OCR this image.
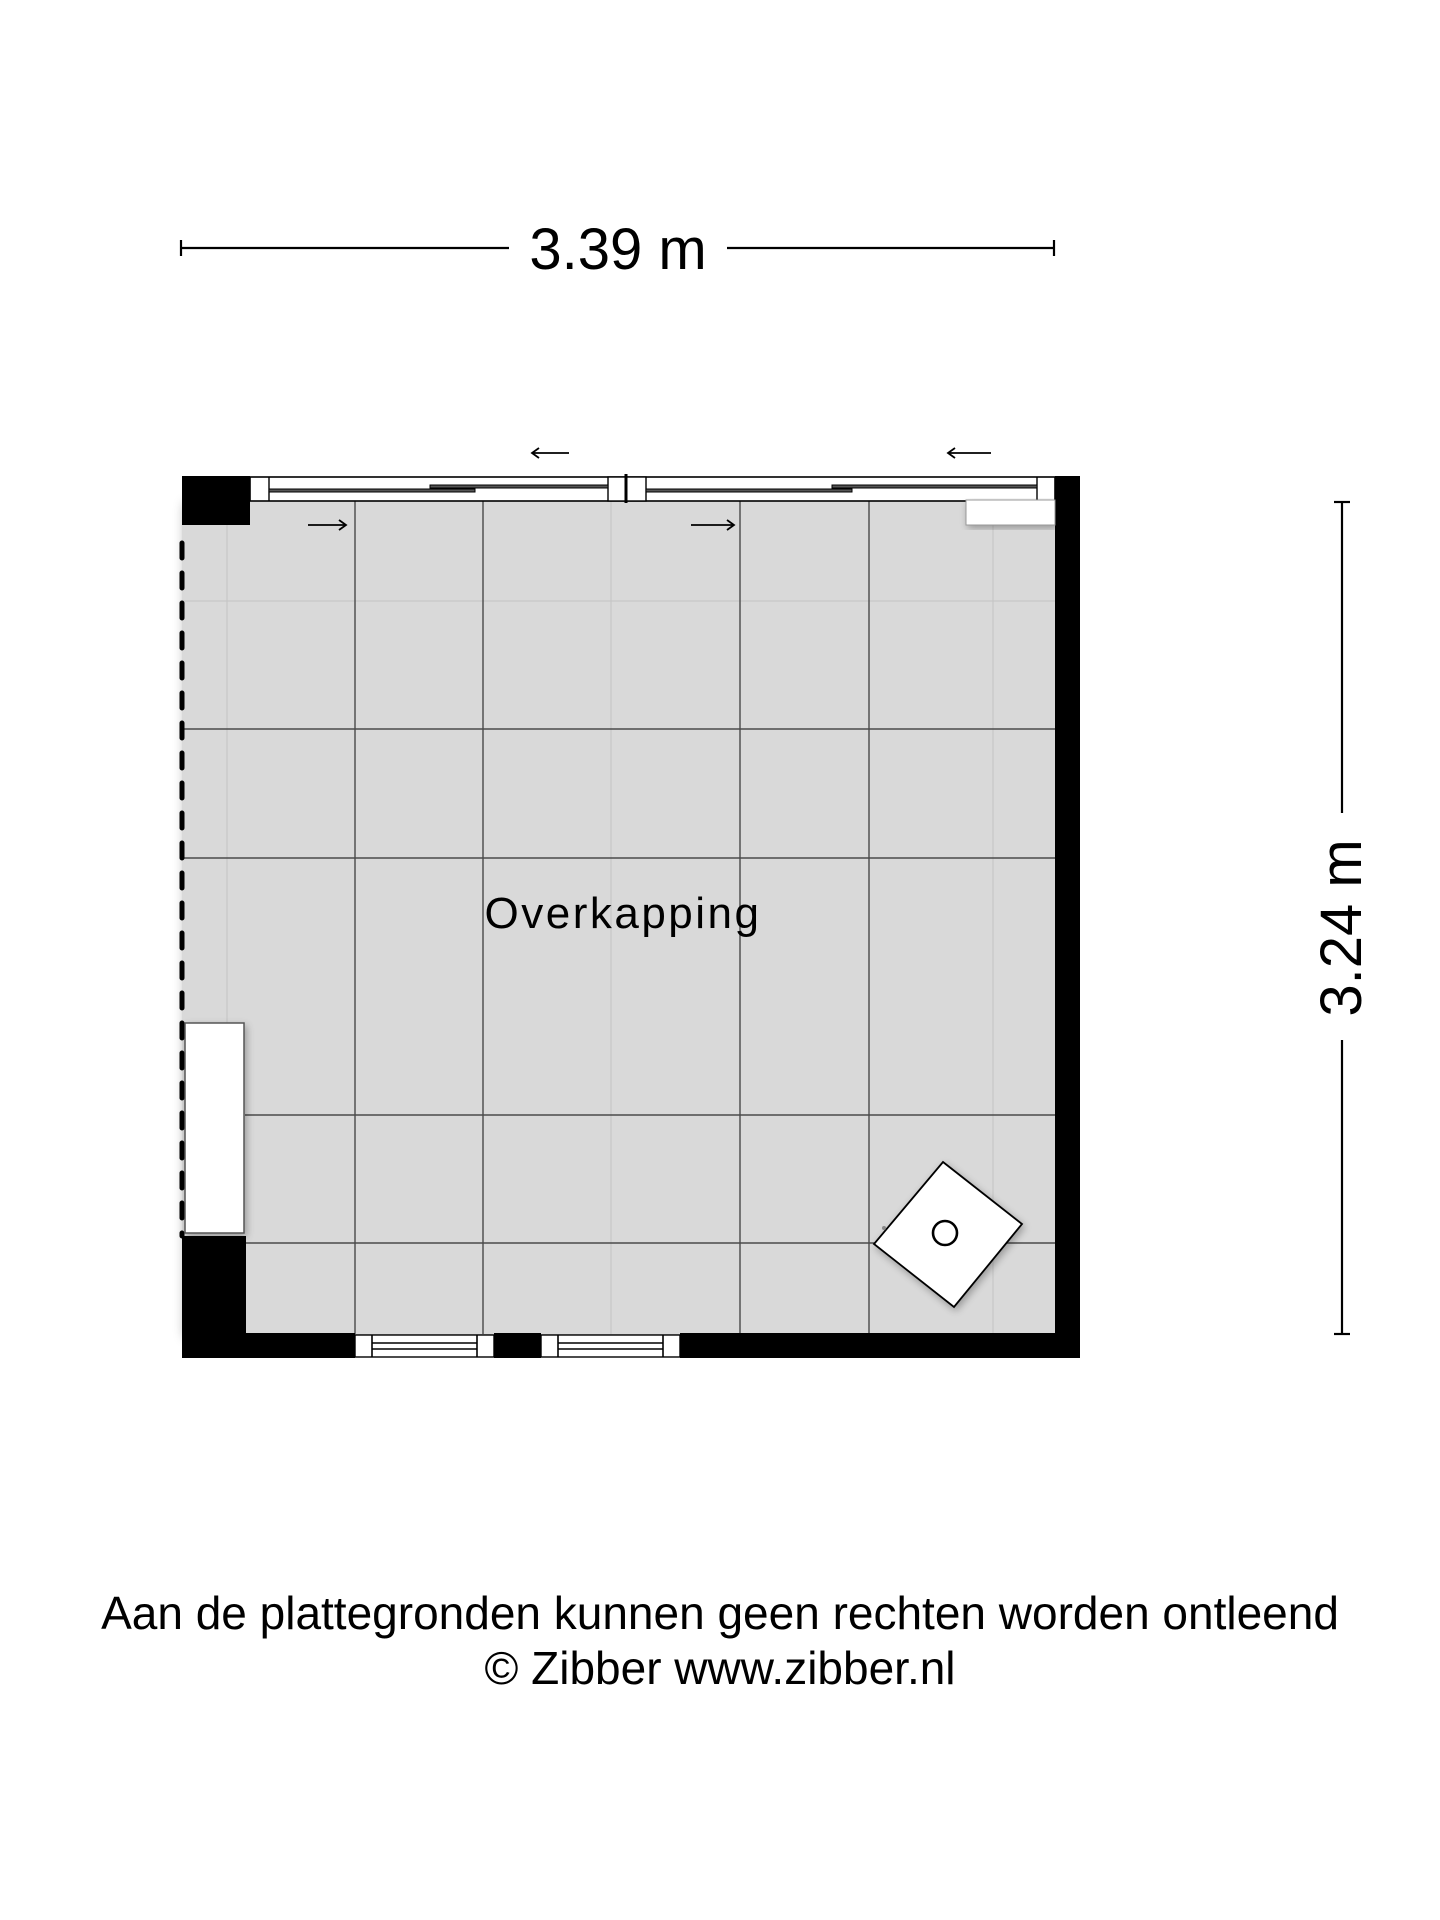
3.39 m
3.24 m
Overkapping
Aan de plattegronden kunnen geen rechten worden ontleend
© Zibber www.zibber.nl
